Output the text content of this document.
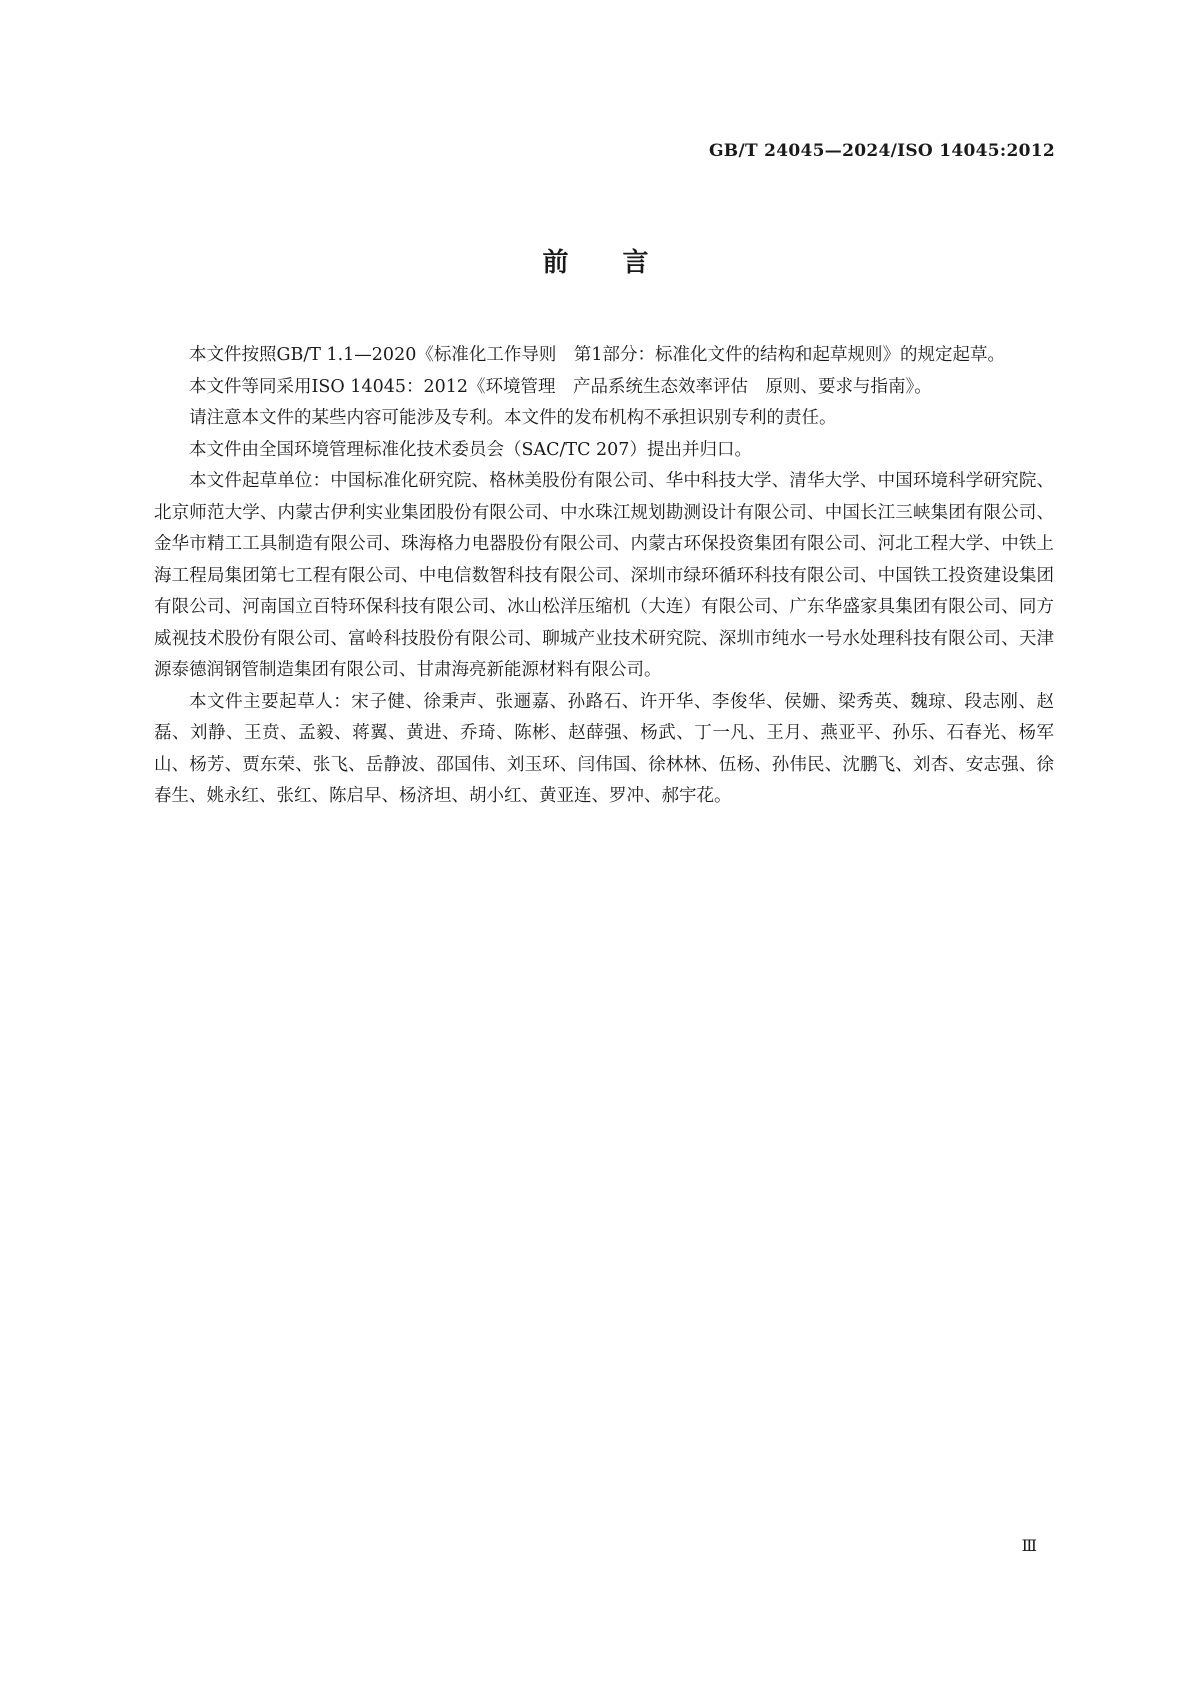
GB/T 24045—2024/ISO 14045:2012
前言

本文件按照GB/T 1.1—2020《标准化工作导则　第1部分：标准化文件的结构和起草规则》的规定起草。

本文件等同采用ISO 14045：2012《环境管理　产品系统生态效率评估　原则、要求与指南》。

请注意本文件的某些内容可能涉及专利。本文件的发布机构不承担识别专利的责任。

本文件由全国环境管理标准化技术委员会（SAC/TC 207）提出并归口。

本文件起草单位：中国标准化研究院、格林美股份有限公司、华中科技大学、清华大学、中国环境科学研究院、北京师范大学、内蒙古伊利实业集团股份有限公司、中水珠江规划勘测设计有限公司、中国长江三峡集团有限公司、金华市精工工具制造有限公司、珠海格力电器股份有限公司、内蒙古环保投资集团有限公司、河北工程大学、中铁上海工程局集团第七工程有限公司、中电信数智科技有限公司、深圳市绿环循环科技有限公司、中国铁工投资建设集团有限公司、河南国立百特环保科技有限公司、冰山松洋压缩机（大连）有限公司、广东华盛家具集团有限公司、同方威视技术股份有限公司、富岭科技股份有限公司、聊城产业技术研究院、深圳市纯水一号水处理科技有限公司、天津源泰德润钢管制造集团有限公司、甘肃海亮新能源材料有限公司。

本文件主要起草人：宋子健、徐秉声、张逦嘉、孙路石、许开华、李俊华、侯姗、梁秀英、魏琼、段志刚、赵磊、刘静、王贲、孟毅、蒋翼、黄进、乔琦、陈彬、赵薛强、杨武、丁一凡、王月、燕亚平、孙乐、石春光、杨军山、杨芳、贾东荣、张飞、岳静波、邵国伟、刘玉环、闫伟国、徐林林、伍杨、孙伟民、沈鹏飞、刘杏、安志强、徐春生、姚永红、张红、陈启早、杨济坦、胡小红、黄亚连、罗冲、郝宇花。

Ⅲ
